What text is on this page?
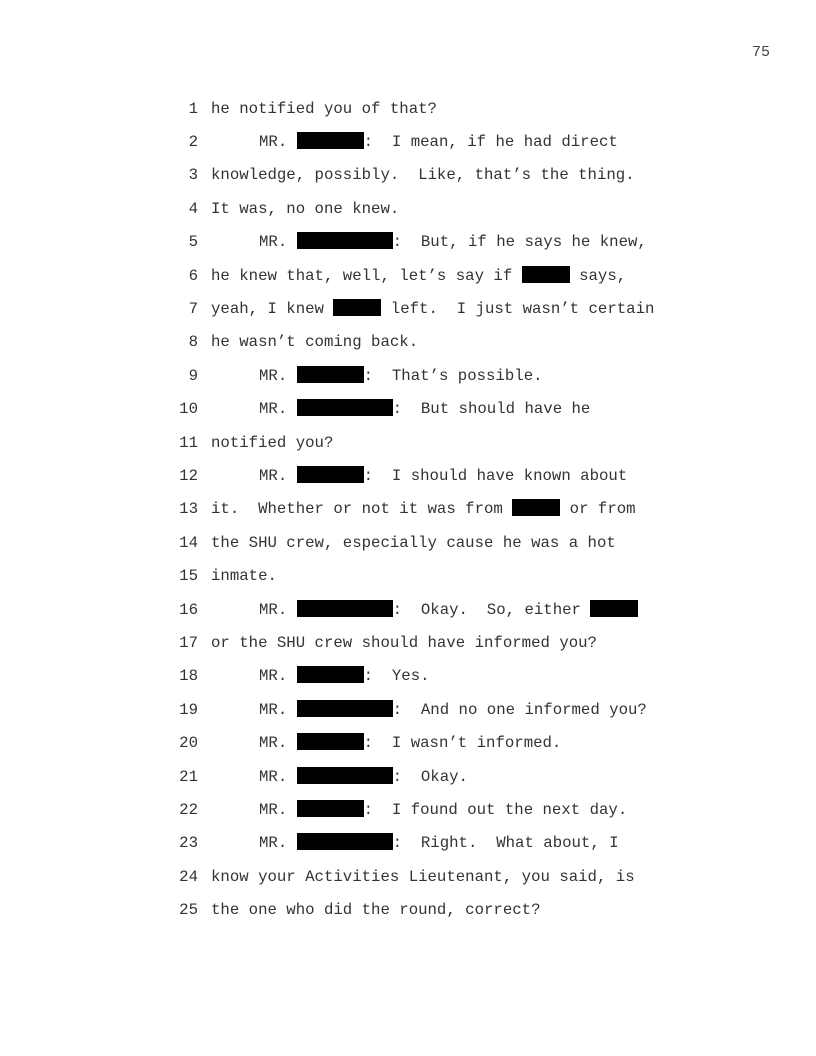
75
1 he notified you of that?
2	MR.	:  I mean, if he had direct
3 knowledge, possibly.  Like, that’s the thing.
4 It was, no one knew.
5	MR.	:  But, if he says he knew,
6 he knew that, well, let’s say if	says,
7 yeah, I knew	left.  I just wasn’t certain
8 he wasn’t coming back.
9	MR.	:  That’s possible.
10	MR.	:  But should have he
11 notified you?
12	MR.	:  I should have known about
13 it.  Whether or not it was from	or from
14 the SHU crew, especially cause he was a hot
15 inmate.
16	MR.	:  Okay.  So, either
17 or the SHU crew should have informed you?
18	MR.	:  Yes.
19	MR.	:  And no one informed you?
20	MR.	:  I wasn’t informed.
21	MR.	:  Okay.
22	MR.	:  I found out the next day.
23	MR.	:  Right.  What about, I
24 know your Activities Lieutenant, you said, is
25 the one who did the round, correct?
